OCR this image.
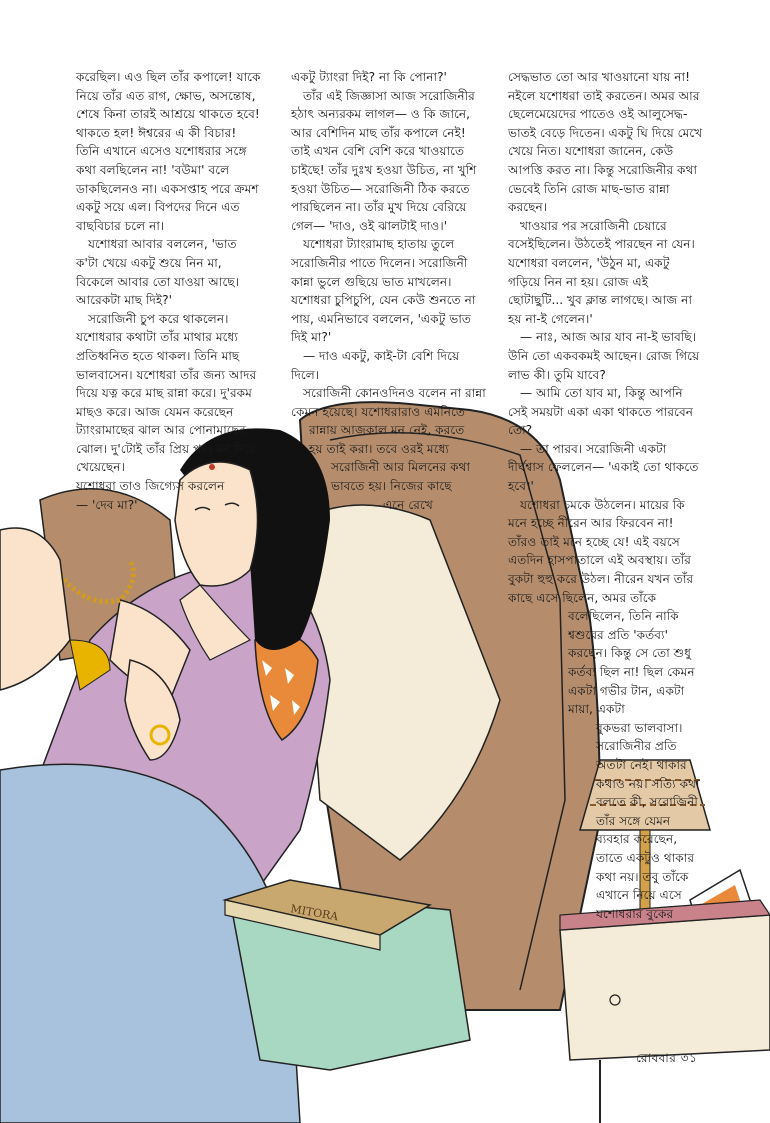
MITORA

করেছিল। এও ছিল তাঁর কপালে! যাকে নিয়ে তাঁর এত রাগ, ক্ষোভ, অসন্তোষ, শেষে কিনা তারই আশ্রয়ে থাকতে হবে! থাকতে হল! ঈশ্বরের এ কী বিচার! তিনি এখানে এসেও যশোধরার সঙ্গে কথা বলছিলেন না! 'বউমা' বলে ডাকছিলেনও না। একসপ্তাহ পরে ক্রমশ একটু সয়ে এল। বিপদের দিনে এত বাছবিচার চলে না।

যশোধরা আবার বললেন, 'ভাত ক'টা খেয়ে একটু শুয়ে নিন মা, বিকেলে আবার তো যাওয়া আছে। আরেকটা মাছ দিই?'

সরোজিনী চুপ করে থাকলেন। যশোধরার কথাটা তাঁর মাথার মধ্যে প্রতিধ্বনিত হতে থাকল। তিনি মাছ ভালবাসেন। যশোধরা তাঁর জন্য আদর দিয়ে যত্ন করে মাছ রান্না করে। দু'রকম মাছও করে। আজ যেমন করেছেন ট্যাংরামাছের ঝাল আর পোনামাছের ঝোল। দু'টোই তাঁর প্রিয় পদ। মন দিয়ে খেয়েছেন।

যশোধরা তাও জিগ্যেস করলেন— 'দেব মা?'

একটু ট্যাংরা দিই? না কি পোনা?'

তাঁর এই জিজ্ঞাসা আজ সরোজিনীর হঠাৎ অন্যরকম লাগল— ও কি জানে, আর বেশিদিন মাছ তাঁর কপালে নেই! তাই এখন বেশি বেশি করে খাওয়াতে চাইছে! তাঁর দুঃখ হওয়া উচিত, না খুশি হওয়া উচিত— সরোজিনী ঠিক করতে পারছিলেন না। তাঁর মুখ দিয়ে বেরিয়ে গেল— 'দাও, ওই ঝালটাই দাও।'

যশোধরা ট্যাংরামাছ হাতায় তুলে সরোজিনীর পাতে দিলেন। সরোজিনী কান্না ভুলে গুছিয়ে ভাত মাখলেন। যশোধরা চুপিচুপি, যেন কেউ শুনতে না পায়, এমনিভাবে বললেন, 'একটু ভাত দিই মা?'

— দাও একটু, কাই-টা বেশি দিয়ে দিলে।

সরোজিনী কোনওদিনও বলেন না রান্না কেমন হয়েছে। যশোধরারাও এমনিতে

রান্নায় আজকাল মন নেই, করতে

হয় তাই করা। তবে ওরই মধ্যে

সরোজিনী আর মিলনের কথা

ভাবতে হয়। নিজের কাছে

এনে রেখে

সেদ্ধভাত তো আর খাওয়ানো যায় না! নইলে যশোধরা তাই করতেন। অমর আর ছেলেমেয়েদের পাতেও ওই আলুসেদ্ধ-ভাতই বেড়ে দিতেন। একটু ঘি দিয়ে মেখে খেয়ে নিত। যশোধরা জানেন, কেউ আপত্তি করত না। কিন্তু সরোজিনীর কথা ভেবেই তিনি রোজ মাছ-ভাত রান্না করছেন।

খাওয়ার পর সরোজিনী চেয়ারে বসেইছিলেন। উঠতেই পারছেন না যেন। যশোধরা বললেন, 'উঠুন মা, একটু গড়িয়ে নিন না হয়। রোজ এই ছোটাছুটি... খুব ক্লান্ত লাগছে। আজ না হয় না-ই গেলেন।'

— নাঃ, আজ আর যাব না-ই ভাবছি। উনি তো একবকমই আছেন। রোজ গিয়ে লাভ কী। তুমি যাবে?

— আমি তো যাব মা, কিন্তু আপনি সেই সময়টা একা একা থাকতে পারবেন তো?

— তা পারব। সরোজিনী একটা দীর্ঘশ্বাস ফেললেন— 'একাই তো থাকতে হবে।'

যশোধরা চমকে উঠলেন। মায়ের কি মনে হচ্ছে নীরেন আর ফিরবেন না! তাঁরও তাই মনে হচ্ছে যে! এই বয়সে এতদিন হাসপাতালে এই অবস্থায়। তাঁর বুকটা হুহু করে উঠল। নীরেন যখন তাঁর কাছে এসে ছিলেন, অমর তাঁকে

বলেছিলেন, তিনি নাকি শ্বশুরের প্রতি 'কর্তব্য' করছেন। কিন্তু সে তো শুধু কর্তব্য ছিল না! ছিল কেমন একটা গভীর টান, একটা মায়া, একটা

বুকভরা ভালবাসা। সরোজিনীর প্রতি অতটা নেই। থাকার কথাও নয়। সত্যি কথা বলতে কী, সরোজিনী তাঁর সঙ্গে যেমন ব্যবহার করেছেন, তাতে একটুও থাকার কথা নয়। তবু তাঁকে এখানে নিয়ে এসে যশোধরার বুকের

রোববার ৩১
